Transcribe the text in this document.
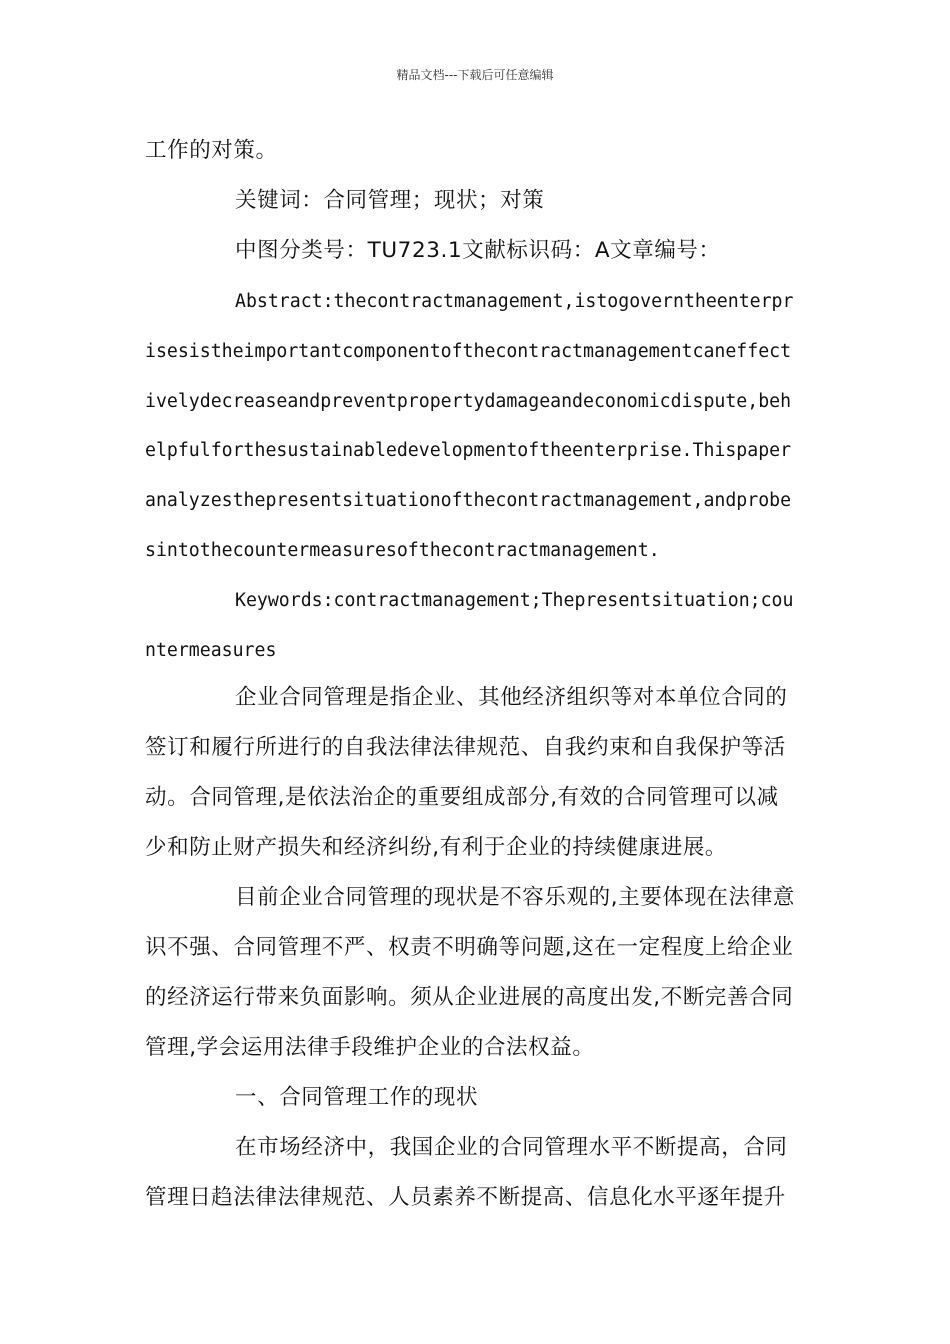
精品文档---下载后可任意编辑
工作的对策。
关键词：合同管理；现状；对策
中图分类号：TU723.1文献标识码：A文章编号：
Abstract:thecontractmanagement,istogoverntheenterpr
isesistheimportantcomponentofthecontractmanagementcaneffect
ivelydecreaseandpreventpropertydamageandeconomicdispute,beh
elpfulforthesustainabledevelopmentoftheenterprise.Thispaper
analyzesthepresentsituationofthecontractmanagement,andprobe
sintothecountermeasuresofthecontractmanagement.
Keywords:contractmanagement;Thepresentsituation;cou
ntermeasures
企业合同管理是指企业、其他经济组织等对本单位合同的
签订和履行所进行的自我法律法律规范、自我约束和自我保护等活
动。合同管理,是依法治企的重要组成部分,有效的合同管理可以减
少和防止财产损失和经济纠纷,有利于企业的持续健康进展。
目前企业合同管理的现状是不容乐观的,主要体现在法律意
识不强、合同管理不严、权责不明确等问题,这在一定程度上给企业
的经济运行带来负面影响。须从企业进展的高度出发,不断完善合同
管理,学会运用法律手段维护企业的合法权益。
一、合同管理工作的现状
在市场经济中，我国企业的合同管理水平不断提高，合同
管理日趋法律法律规范、人员素养不断提高、信息化水平逐年提升
